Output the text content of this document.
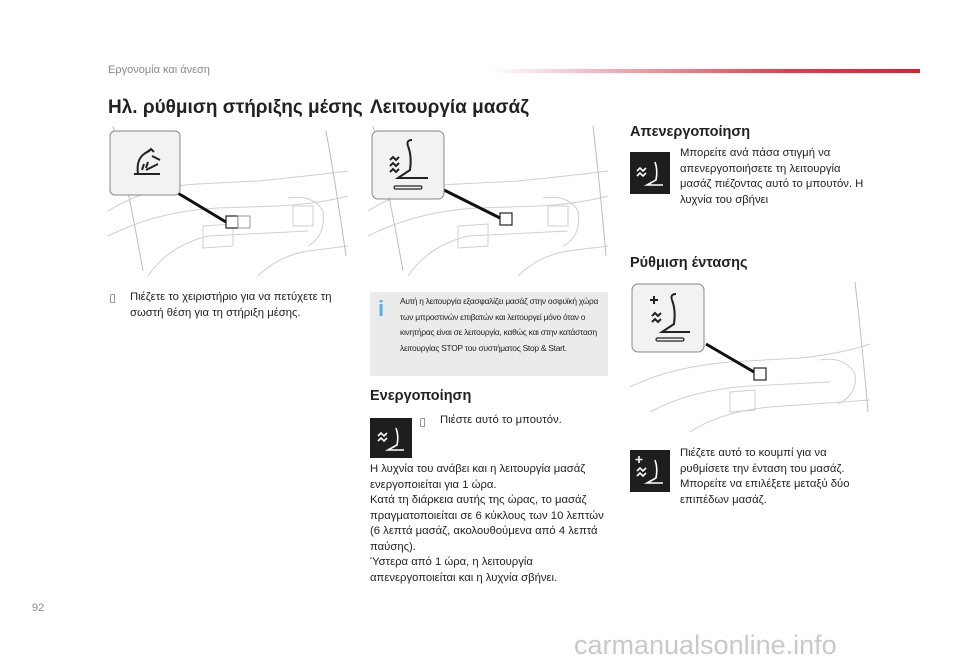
Εργονομία και άνεση
Ηλ. ρύθμιση στήριξης μέσης
Πιέζετε το χειριστήριο για να πετύχετε τη
σωστή θέση για τη στήριξη μέσης.
Λειτουργία μασάζ
i Αυτή η λειτουργία εξασφαλίζει μασάζ στην οσφυϊκή χώρα
των μπροστινών επιβατών και λειτουργεί μόνο όταν ο
κινητήρας είναι σε λειτουργία, καθώς και στην κατάσταση
λειτουργίας STOP του συστήματος Stop & Start.
Ενεργοποίηση
Πιέστε αυτό το μπουτόν.
Η λυχνία του ανάβει και η λειτουργία μασάζ
ενεργοποιείται για 1 ώρα.
Κατά τη διάρκεια αυτής της ώρας, το μασάζ
πραγματοποιείται σε 6 κύκλους των 10 λεπτών
(6 λεπτά μασάζ, ακολουθούμενα από 4 λεπτά
παύσης).
Ύστερα από 1 ώρα, η λειτουργία
απενεργοποιείται και η λυχνία σβήνει.
Απενεργοποίηση
Μπορείτε ανά πάσα στιγμή να
απενεργοποιήσετε τη λειτουργία
μασάζ πιέζοντας αυτό το μπουτόν. Η
λυχνία του σβήνει
Ρύθμιση έντασης
Πιέζετε αυτό το κουμπί για να
ρυθμίσετε την ένταση του μασάζ.
Μπορείτε να επιλέξετε μεταξύ δύο
επιπέδων μασάζ.
92
carmanualsonline.info
